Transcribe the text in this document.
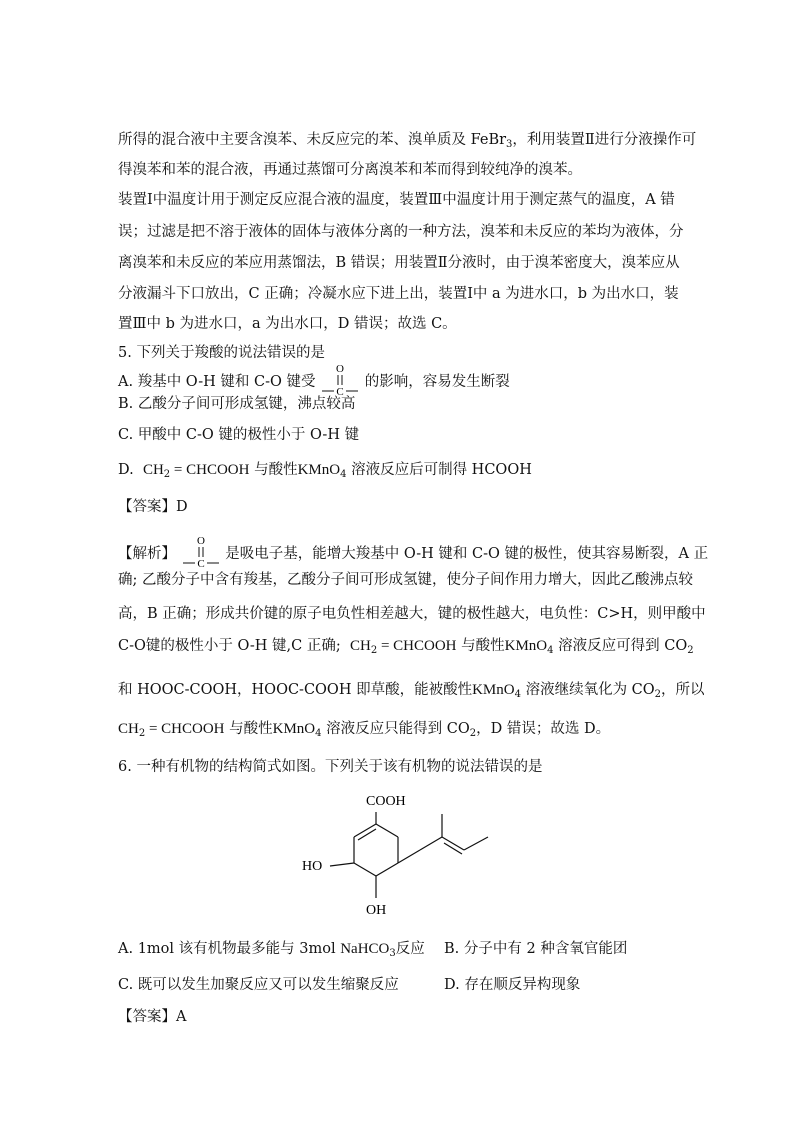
所得的混合液中主要含溴苯、未反应完的苯、溴单质及 FeBr$_3$，利用装置Ⅱ进行分液操作可
得溴苯和苯的混合液，再通过蒸馏可分离溴苯和苯而得到较纯净的溴苯。
装置Ⅰ中温度计用于测定反应混合液的温度，装置Ⅲ中温度计用于测定蒸气的温度，A 错
误；过滤是把不溶于液体的固体与液体分离的一种方法，溴苯和未反应的苯均为液体，分
离溴苯和未反应的苯应用蒸馏法，B 错误；用装置Ⅱ分液时，由于溴苯密度大，溴苯应从
分液漏斗下口放出，C 正确；冷凝水应下进上出，装置Ⅰ中 a 为进水口，b 为出水口，装
置Ⅲ中 b 为进水口，a 为出水口，D 错误；故选 C。
5. 下列关于羧酸的说法错误的是
A. 羧基中 O-H 键和 C-O 键受
O
C
的影响，容易发生断裂
B. 乙酸分子间可形成氢键，沸点较高
C. 甲酸中 C-O 键的极性小于 O-H 键
D. $CH_2$ = CHCOOH 与酸性KMnO$_4$ 溶液反应后可制得 HCOOH
【答案】D
【解析】
O
C
是吸电子基，能增大羧基中 O-H 键和 C-O 键的极性，使其容易断裂，A 正
确; 乙酸分子中含有羧基，乙酸分子间可形成氢键，使分子间作用力增大，因此乙酸沸点较
高，B 正确；形成共价键的原子电负性相差越大，键的极性越大，电负性：C>H，则甲酸中
C-O键的极性小于 O-H 键,C 正确; $CH_2$ = CHCOOH 与酸性KMnO$_4$ 溶液反应可得到 $CO_2$
和 HOOC-COOH，HOOC-COOH 即草酸，能被酸性KMnO$_4$ 溶液继续氧化为 $CO_2$，所以
$CH_2$ = CHCOOH 与酸性KMnO$_4$ 溶液反应只能得到 $CO_2$，D 错误；故选 D。
6. 一种有机物的结构简式如图。下列关于该有机物的说法错误的是
COOH
HO
OH
A. 1mol 该有机物最多能与 3mol NaHCO$_3$反应 B. 分子中有 2 种含氧官能团
C. 既可以发生加聚反应又可以发生缩聚反应	D. 存在顺反异构现象
【答案】A
